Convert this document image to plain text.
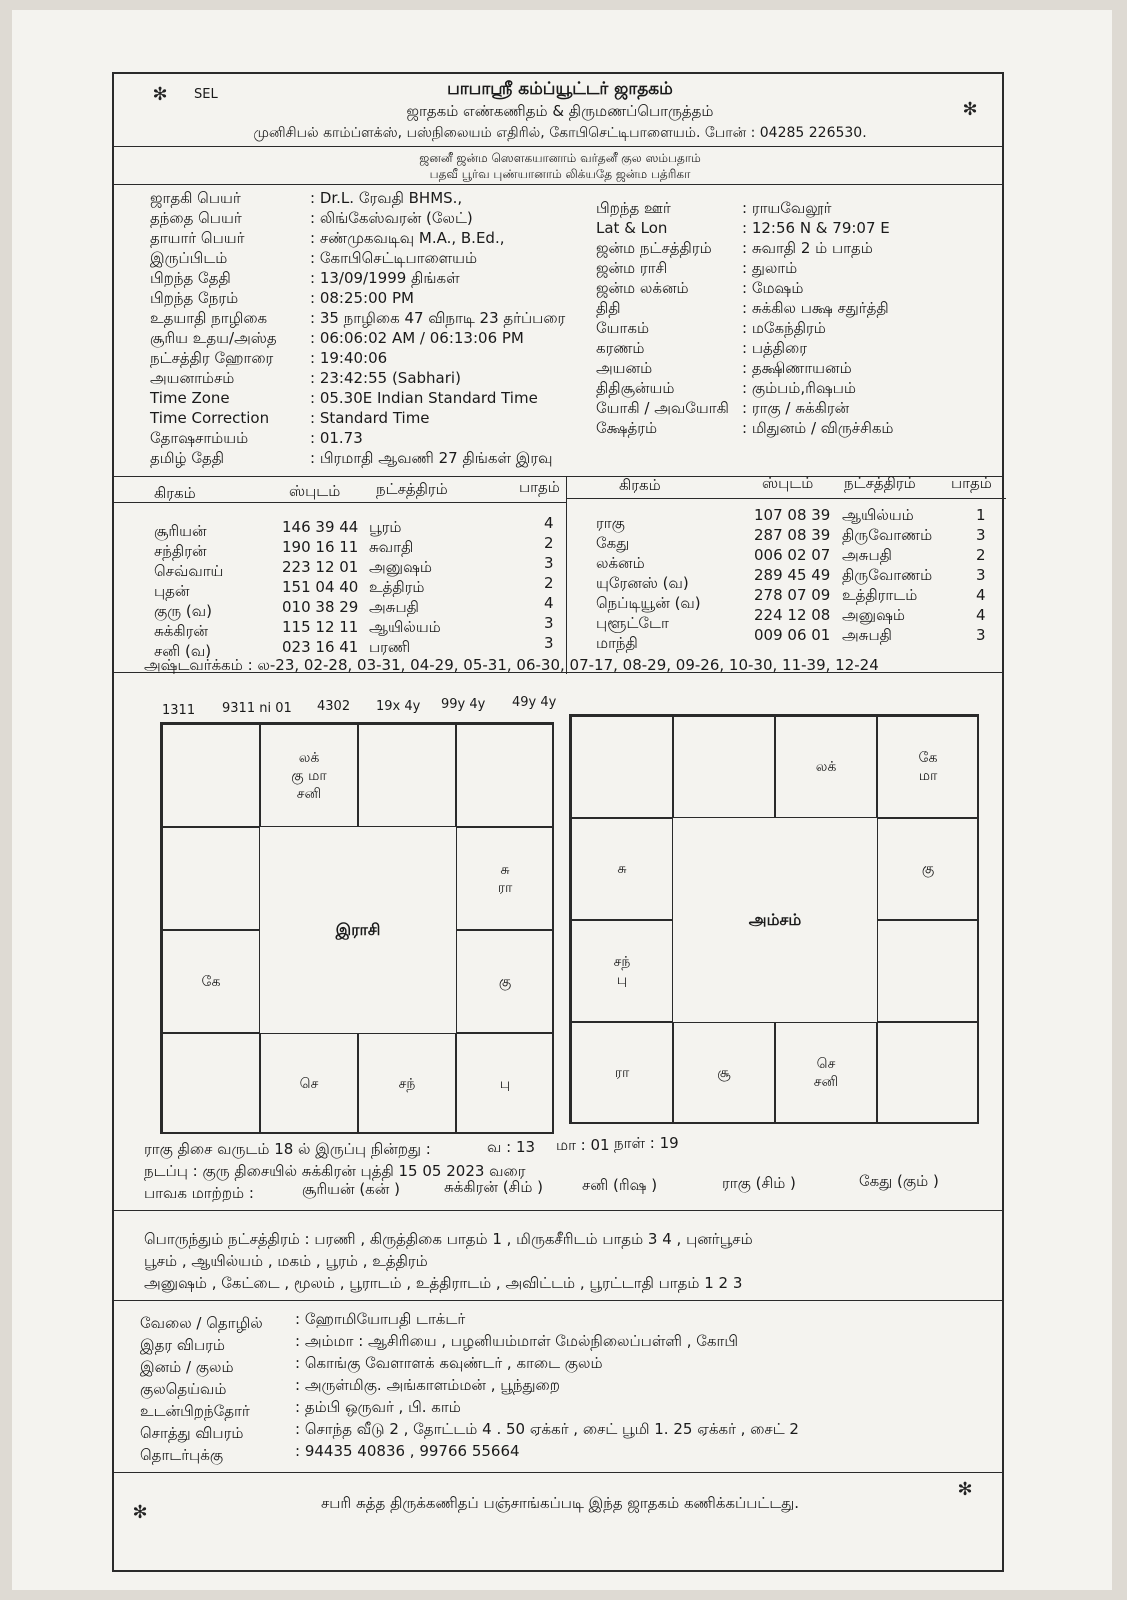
✻ SEL
✻
பாபாஸ்ரீ கம்ப்யூட்டர் ஜாதகம்
ஜாதகம் எண்கணிதம் & திருமணப்பொருத்தம்
முனிசிபல் காம்ப்ளக்ஸ், பஸ்நிலையம் எதிரில், கோபிசெட்டிபாளையம். போன் : 04285 226530.
ஜனனீ ஜன்ம ஸௌகயானாம் வர்தனீ குல ஸம்பதாம்
பதவீ பூர்வ புண்யானாம் லிக்யதே ஜன்ம பத்ரிகா
ஜாதகி பெயர்	: Dr.L. ரேவதி BHMS.,
தந்தை பெயர்	: லிங்கேஸ்வரன் (லேட்)
தாயார் பெயர்	: சண்முகவடிவு M.A., B.Ed.,
இருப்பிடம்	: கோபிசெட்டிபாளையம்
பிறந்த தேதி	: 13/09/1999 திங்கள்
பிறந்த நேரம்	: 08:25:00 PM
உதயாதி நாழிகை	: 35 நாழிகை 47 விநாடி 23 தர்ப்பரை
சூரிய உதய/அஸ்த : 06:06:02 AM / 06:13:06 PM
நட்சத்திர ஹோரை : 19:40:06
அயனாம்சம்	: 23:42:55 (Sabhari)
Time Zone	: 05.30E Indian Standard Time
Time Correction	: Standard Time
தோஷசாம்யம்	: 01.73
தமிழ் தேதி	: பிரமாதி ஆவணி 27 திங்கள் இரவு
பிறந்த ஊர்	: ராயவேலூர்
Lat & Lon	: 12:56 N & 79:07 E
ஜன்ம நட்சத்திரம் : சுவாதி 2 ம் பாதம்
ஜன்ம ராசி	: துலாம்
ஜன்ம லக்னம்	: மேஷம்
திதி	: சுக்கில பக்ஷ சதுர்த்தி
யோகம்	: மகேந்திரம்
கரணம்	: பத்திரை
அயனம்	: தக்ஷிணாயனம்
திதிசூன்யம்	: கும்பம்,ரிஷபம்
யோகி / அவயோகி : ராகு / சுக்கிரன்
க்ஷேத்ரம்	: மிதுனம் / விருச்சிகம்
கிரகம்	ஸ்புடம் நட்சத்திரம்	பாதம்	கிரகம்	ஸ்புடம் நட்சத்திரம் பாதம்
சூரியன்	146 39 44 பூரம்	4
சந்திரன்	190 16 11 சுவாதி	2
செவ்வாய்	223 12 01 அனுஷம்	3
புதன்	151 04 40 உத்திரம்	2
குரு (வ)	010 38 29 அசுபதி	4
சுக்கிரன்	115 12 11 ஆயில்யம்	3
சனி (வ)	023 16 41 பரணி	3
ராகு	107 08 39 ஆயில்யம்	1
கேது	287 08 39 திருவோணம்	3
லக்னம்	006 02 07 அசுபதி	2
யுரேனஸ் (வ)	289 45 49 திருவோணம்	3
நெப்டியூன் (வ)	278 07 09 உத்திராடம்	4
புளூட்டோ	224 12 08 அனுஷம்	4
மாந்தி	009 06 01 அசுபதி	3
அஷ்டவர்க்கம் : ல-23, 02-28, 03-31, 04-29, 05-31, 06-30, 07-17, 08-29, 09-26, 10-30, 11-39, 12-24
1311 9311 ni 01 4302 19x 4y 99y 4y 49y 4y
லக்
கு மா
சனி
சு
ரா
கு
பு
சந்
செ
கே
இராசி
லக்
கே
மா
கு
செ
சனி
சூ
ரா
சந்
பு
சு
அம்சம்
ராகு திசை வருடம் 18 ல் இருப்பு நின்றது :	வ : 13 மா : 01 நாள் : 19
நடப்பு : குரு திசையில் சுக்கிரன் புத்தி 15 05 2023 வரை
பாவக மாற்றம் :	சூரியன் (கன் )	சுக்கிரன் (சிம் )	சனி (ரிஷ )	ராகு (சிம் )	கேது (கும் )
பொருந்தும் நட்சத்திரம் : பரணி , கிருத்திகை பாதம் 1 , மிருகசீரிடம் பாதம் 3 4 , புனர்பூசம்
பூசம் , ஆயில்யம் , மகம் , பூரம் , உத்திரம்
அனுஷம் , கேட்டை , மூலம் , பூராடம் , உத்திராடம் , அவிட்டம் , பூரட்டாதி பாதம் 1 2 3
வேலை / தொழில் : ஹோமியோபதி டாக்டர்
இதர விபரம்	: அம்மா : ஆசிரியை , பழனியம்மாள் மேல்நிலைப்பள்ளி , கோபி
இனம் / குலம்	: கொங்கு வேளாளக் கவுண்டர் , காடை குலம்
குலதெய்வம்	: அருள்மிகு. அங்காளம்மன் , பூந்துறை
உடன்பிறந்தோர்	: தம்பி ஒருவர் , பி. காம்
சொத்து விபரம்	: சொந்த வீடு 2 , தோட்டம் 4 . 50 ஏக்கர் , சைட் பூமி 1. 25 ஏக்கர் , சைட் 2
தொடர்புக்கு	: 94435 40836 , 99766 55664
✻
✻
சபரி சுத்த திருக்கணிதப் பஞ்சாங்கப்படி இந்த ஜாதகம் கணிக்கப்பட்டது.
